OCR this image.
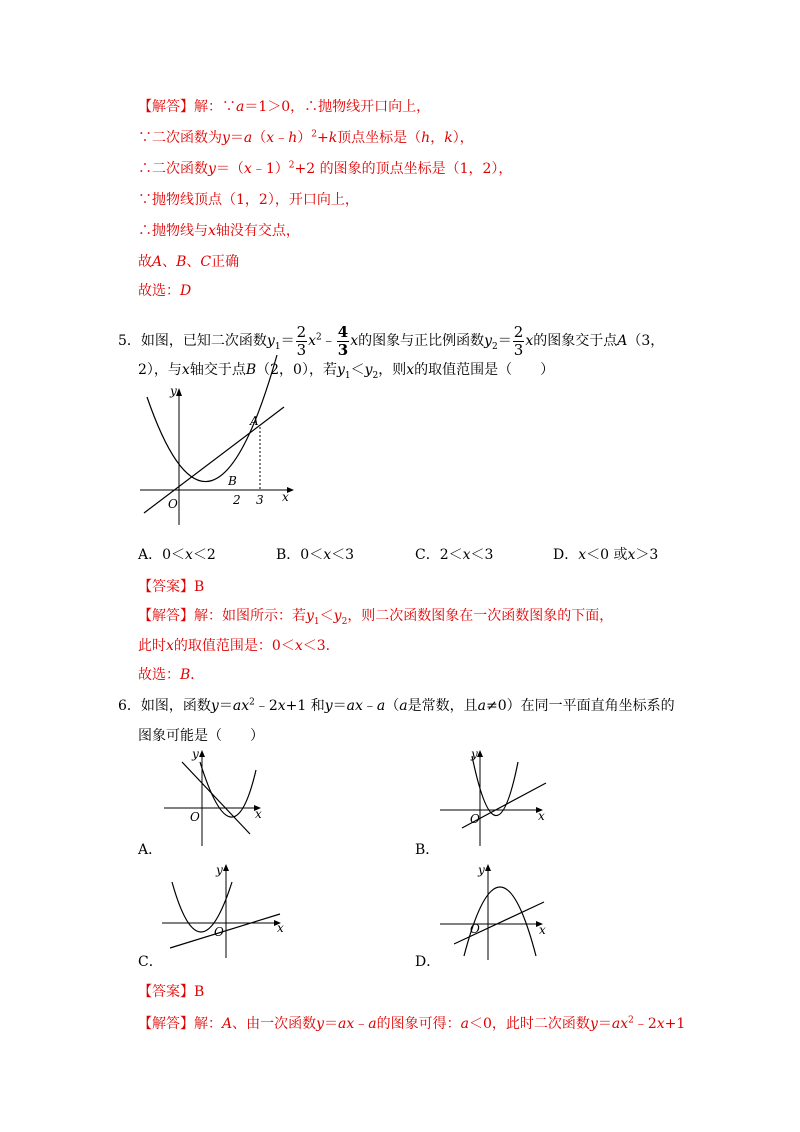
【解答】解：∵a＝1＞0，∴抛物线开口向上，
∵二次函数为y＝a（x﹣h）$^2$+k顶点坐标是（h，k），
∴二次函数y＝（x﹣1）$^2$+2 的图象的顶点坐标是（1，2），
∵抛物线顶点（1，2），开口向上，
∴抛物线与x轴没有交点，
故A、B、C正确
故选：D
5．如图，已知二次函数$y_1= \frac{2}{3}$ $x^2﹣ \frac{4}{3}$ x的图象与正比例函数$y_2= \frac{2}{3}$ x的图象交于点A（3，
2），与x轴交于点B（2，0），若$y_1<y_2$，则x的取值范围是（　　）
y
x
O
A
B
2 3
A．0＜x＜2	B．0＜x＜3	C．2＜x＜3	D．x＜0 或x＞3
【答案】B
【解答】解：如图所示：若$y_1<y_2$，则二次函数图象在一次函数图象的下面，
此时x的取值范围是：0＜x＜3．
故选：B．
6．如图，函数$y=ax^2﹣2x+1$ 和y＝ax﹣a（a是常数，且a≠0）在同一平面直角坐标系的
图象可能是（　　）
y
x
O
A．
y
x
O
B．
y
x
O
C．
y
x
O
D．
【答案】B
【解答】解：A、由一次函数y＝ax﹣a的图象可得：a＜0，此时二次函数$y=ax^2﹣2x+1$
